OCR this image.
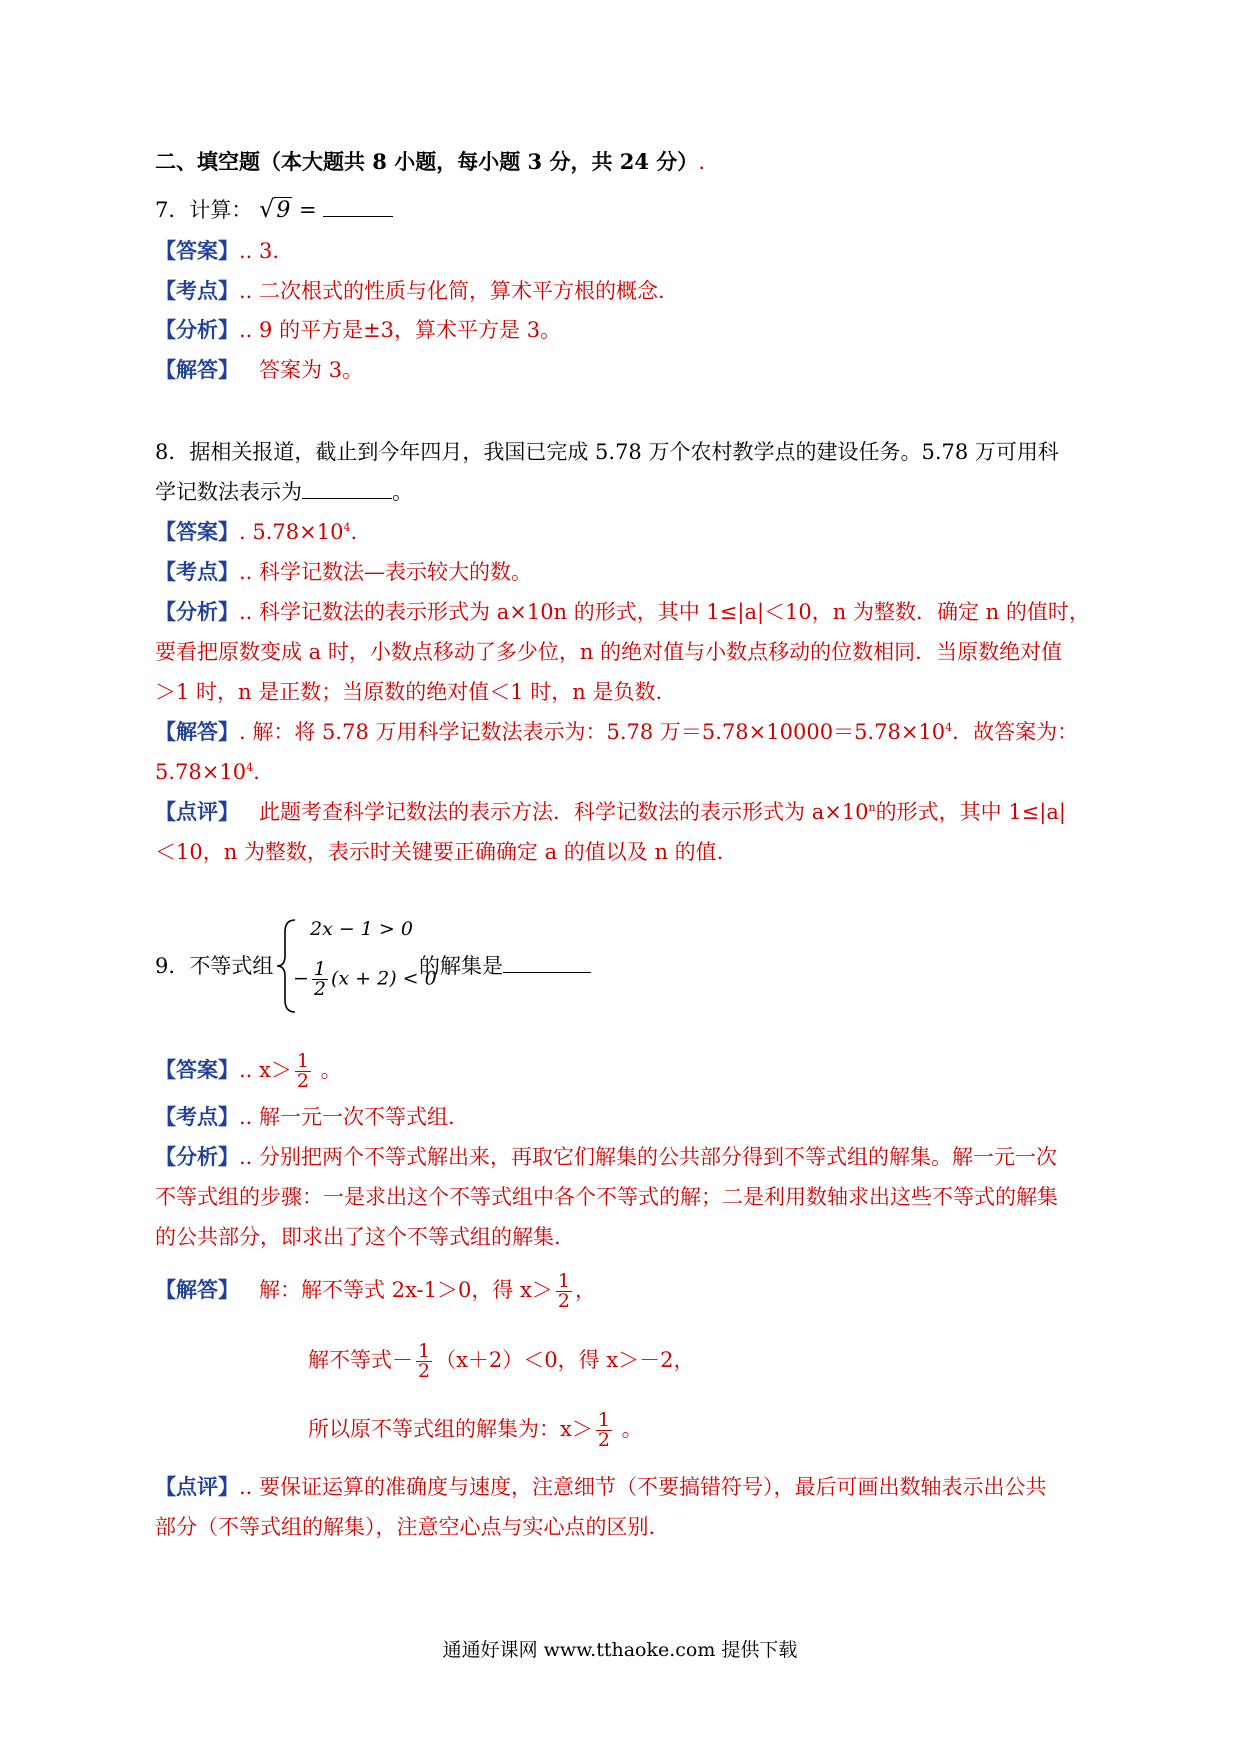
二、填空题（本大题共 8 小题，每小题 3 分，共 24 分）.
7．计算： √9 =
【答案】.. 3.
【考点】.. 二次根式的性质与化简，算术平方根的概念.
【分析】.. 9 的平方是±3，算术平方是 3。
【解答】 答案为 3。
8．据相关报道，截止到今年四月，我国已完成 5.78 万个农村教学点的建设任务。5.78 万可用科
学记数法表示为	。
【答案】. $5.78\times 10^4$.
【考点】.. 科学记数法—表示较大的数。
【分析】.. 科学记数法的表示形式为 a×10n 的形式，其中 1≤|a|＜10，n 为整数．确定 n 的值时，
要看把原数变成 a 时，小数点移动了多少位，n 的绝对值与小数点移动的位数相同．当原数绝对值
＞1 时，n 是正数；当原数的绝对值＜1 时，n 是负数.
【解答】. 解：将 5.78 万用科学记数法表示为：5.78 万$=5.78\times 10000=5.78\times 10^4$．故答案为：
$5.78\times 10^4$.
【点评】 此题考查科学记数法的表示方法．科学记数法的表示形式为 $a\times 10^n$的形式，其中 1≤|a|
＜10，n 为整数，表示时关键要正确确定 a 的值以及 n 的值.
9．不等式组
2x − 1 > 0
− $\frac{1}{2} (x + 2) < 0$
的解集是
【答案】.. $x> \frac{1}{2}$ 。
【考点】.. 解一元一次不等式组.
【分析】.. 分别把两个不等式解出来，再取它们解集的公共部分得到不等式组的解集。解一元一次
不等式组的步骤：一是求出这个不等式组中各个不等式的解；二是利用数轴求出这些不等式的解集
的公共部分，即求出了这个不等式组的解集.
【解答】 解：解不等式 2x-1＞0，得 $x> \frac{1}{2}$ ，
解不等式－ $\frac{1}{2} (x+2)<0$，得 x＞－2，
所以原不等式组的解集为：$x> \frac{1}{2}$ 。
【点评】.. 要保证运算的准确度与速度，注意细节（不要搞错符号），最后可画出数轴表示出公共
部分（不等式组的解集），注意空心点与实心点的区别.
通通好课网 www.tthaoke.com 提供下载
